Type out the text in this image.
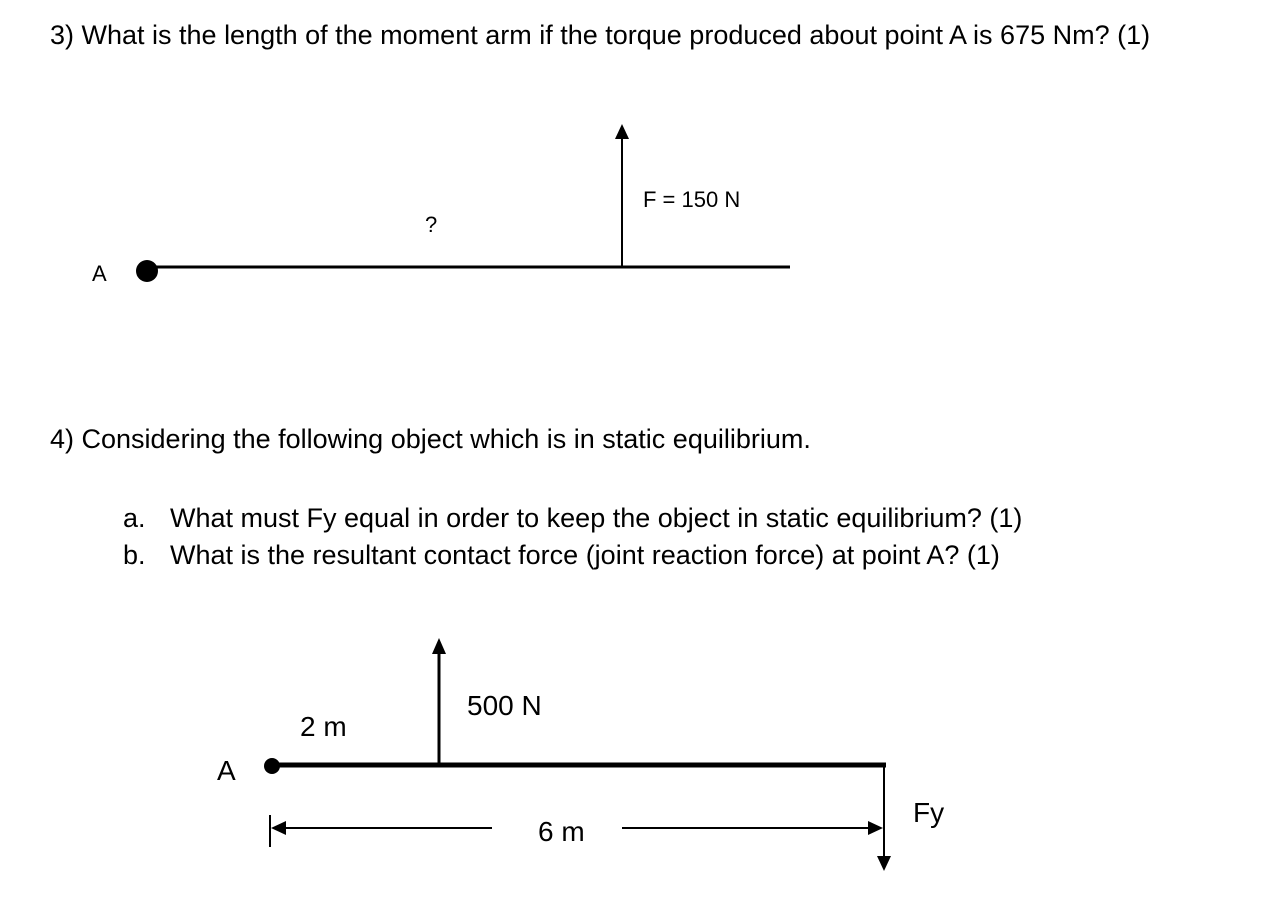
3) What is the length of the moment arm if the torque produced about point A is 675 Nm? (1)
A
?
F = 150 N
4) Considering the following object which is in static equilibrium.
a. What must Fy equal in order to keep the object in static equilibrium? (1)
b. What is the resultant contact force (joint reaction force) at point A? (1)
A
2 m
500 N
6 m
Fy
